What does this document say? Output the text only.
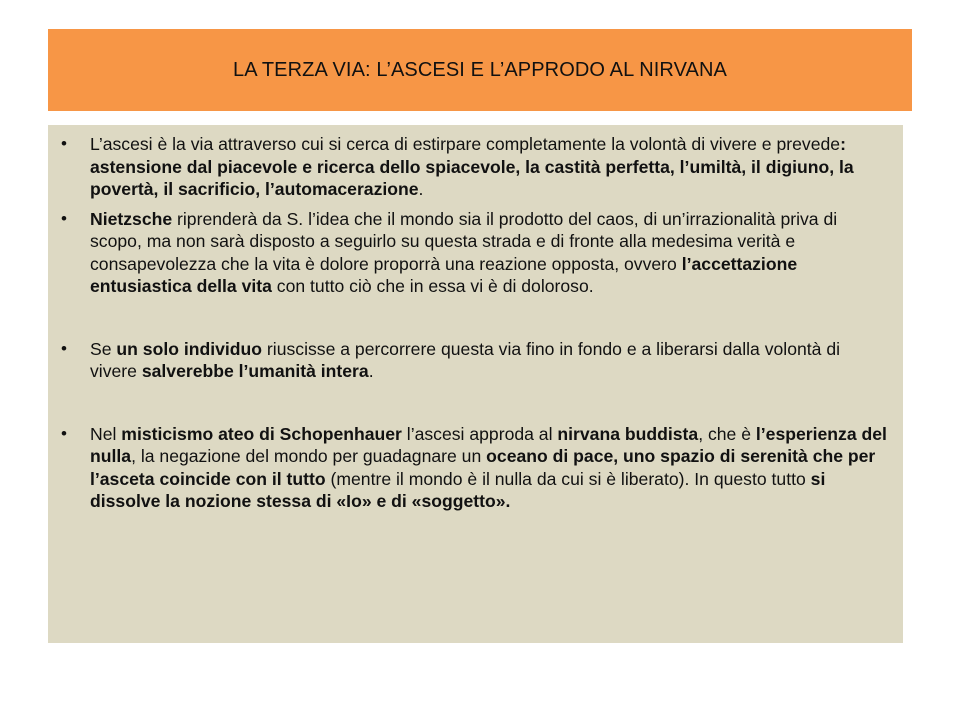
LA TERZA VIA: L’ASCESI E L’APPRODO AL NIRVANA
• L’ascesi è la via attraverso cui si cerca di estirpare completamente la volontà di vivere e prevede: astensione dal piacevole e ricerca dello spiacevole, la castità perfetta, l’umiltà, il digiuno, la povertà, il sacrificio, l’automacerazione.
• Nietzsche riprenderà da S. l’idea che il mondo sia il prodotto del caos, di un’irrazionalità priva di scopo, ma non sarà disposto a seguirlo su questa strada e di fronte alla medesima verità e consapevolezza che la vita è dolore proporrà una reazione opposta, ovvero l’accettazione entusiastica della vita con tutto ciò che in essa vi è di doloroso.
• Se un solo individuo riuscisse a percorrere questa via fino in fondo e a liberarsi dalla volontà di vivere salverebbe l’umanità intera.
• Nel misticismo ateo di Schopenhauer l’ascesi approda al nirvana buddista, che è l’esperienza del nulla, la negazione del mondo per guadagnare un oceano di pace, uno spazio di serenità che per l’asceta coincide con il tutto (mentre il mondo è il nulla da cui si è liberato). In questo tutto si dissolve la nozione stessa di «Io» e di «soggetto».
